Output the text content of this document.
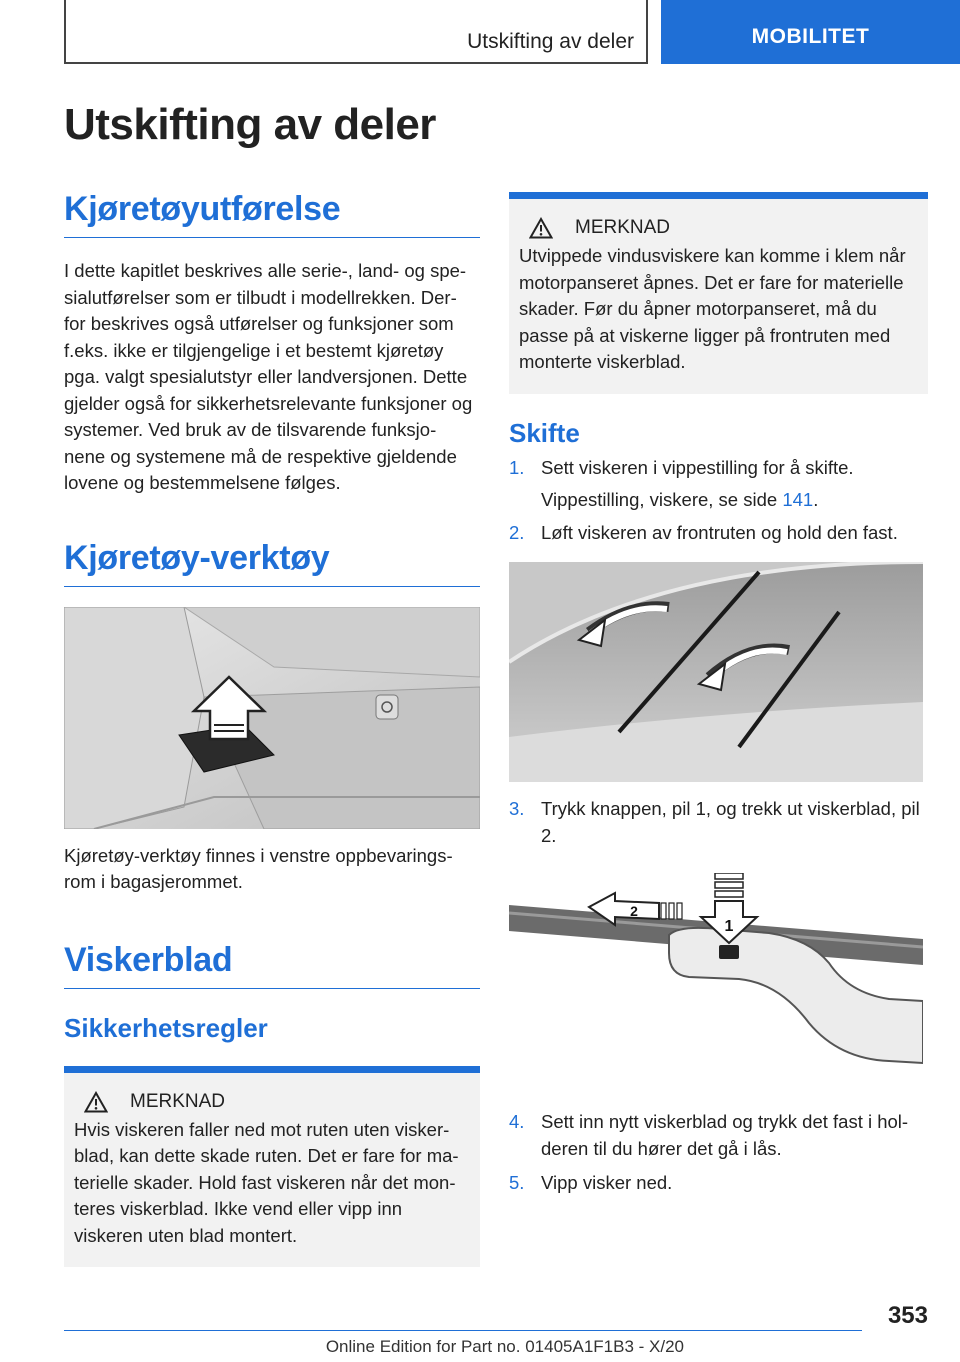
Utskifting av deler	MOBILITET
Utskifting av deler
Kjøretøyutførelse

I dette kapitlet beskrives alle serie-, land- og spe- sialutførelser som er tilbudt i modellrekken. Der- for beskrives også utførelser og funksjoner som f.eks. ikke er tilgjengelige i et bestemt kjøretøy pga. valgt spesialutstyr eller landversjonen. Dette gjelder også for sikkerhetsrelevante funksjoner og systemer. Ved bruk av de tilsvarende funksjo- nene og systemene må de respektive gjeldende lovene og bestemmelsene følges.

Kjøretøy-verktøy

Kjøretøy-verktøy finnes i venstre oppbevarings- rom i bagasjerommet.

Viskerblad
Sikkerhetsregler
MERKNAD

Hvis viskeren faller ned mot ruten uten visker- blad, kan dette skade ruten. Det er fare for ma- terielle skader. Hold fast viskeren når det mon- teres viskerblad. Ikke vend eller vipp inn viskeren uten blad montert.

MERKNAD

Utvippede vindusviskere kan komme i klem når motorpanseret åpnes. Det er fare for materielle skader. Før du åpner motorpanseret, må du passe på at viskerne ligger på frontruten med monterte viskerblad.

Skifte
1. Sett viskeren i vippestilling for å skifte.
Vippestilling, viskere, se side 141.
2. Løft viskeren av frontruten og hold den fast.
3. Trykk knappen, pil 1, og trekk ut viskerblad, pil 2.
1
2
4. Sett inn nytt viskerblad og trykk det fast i hol- deren til du hører det gå i lås.
5. Vipp visker ned.
353
Online Edition for Part no. 01405A1F1B3 - X/20
